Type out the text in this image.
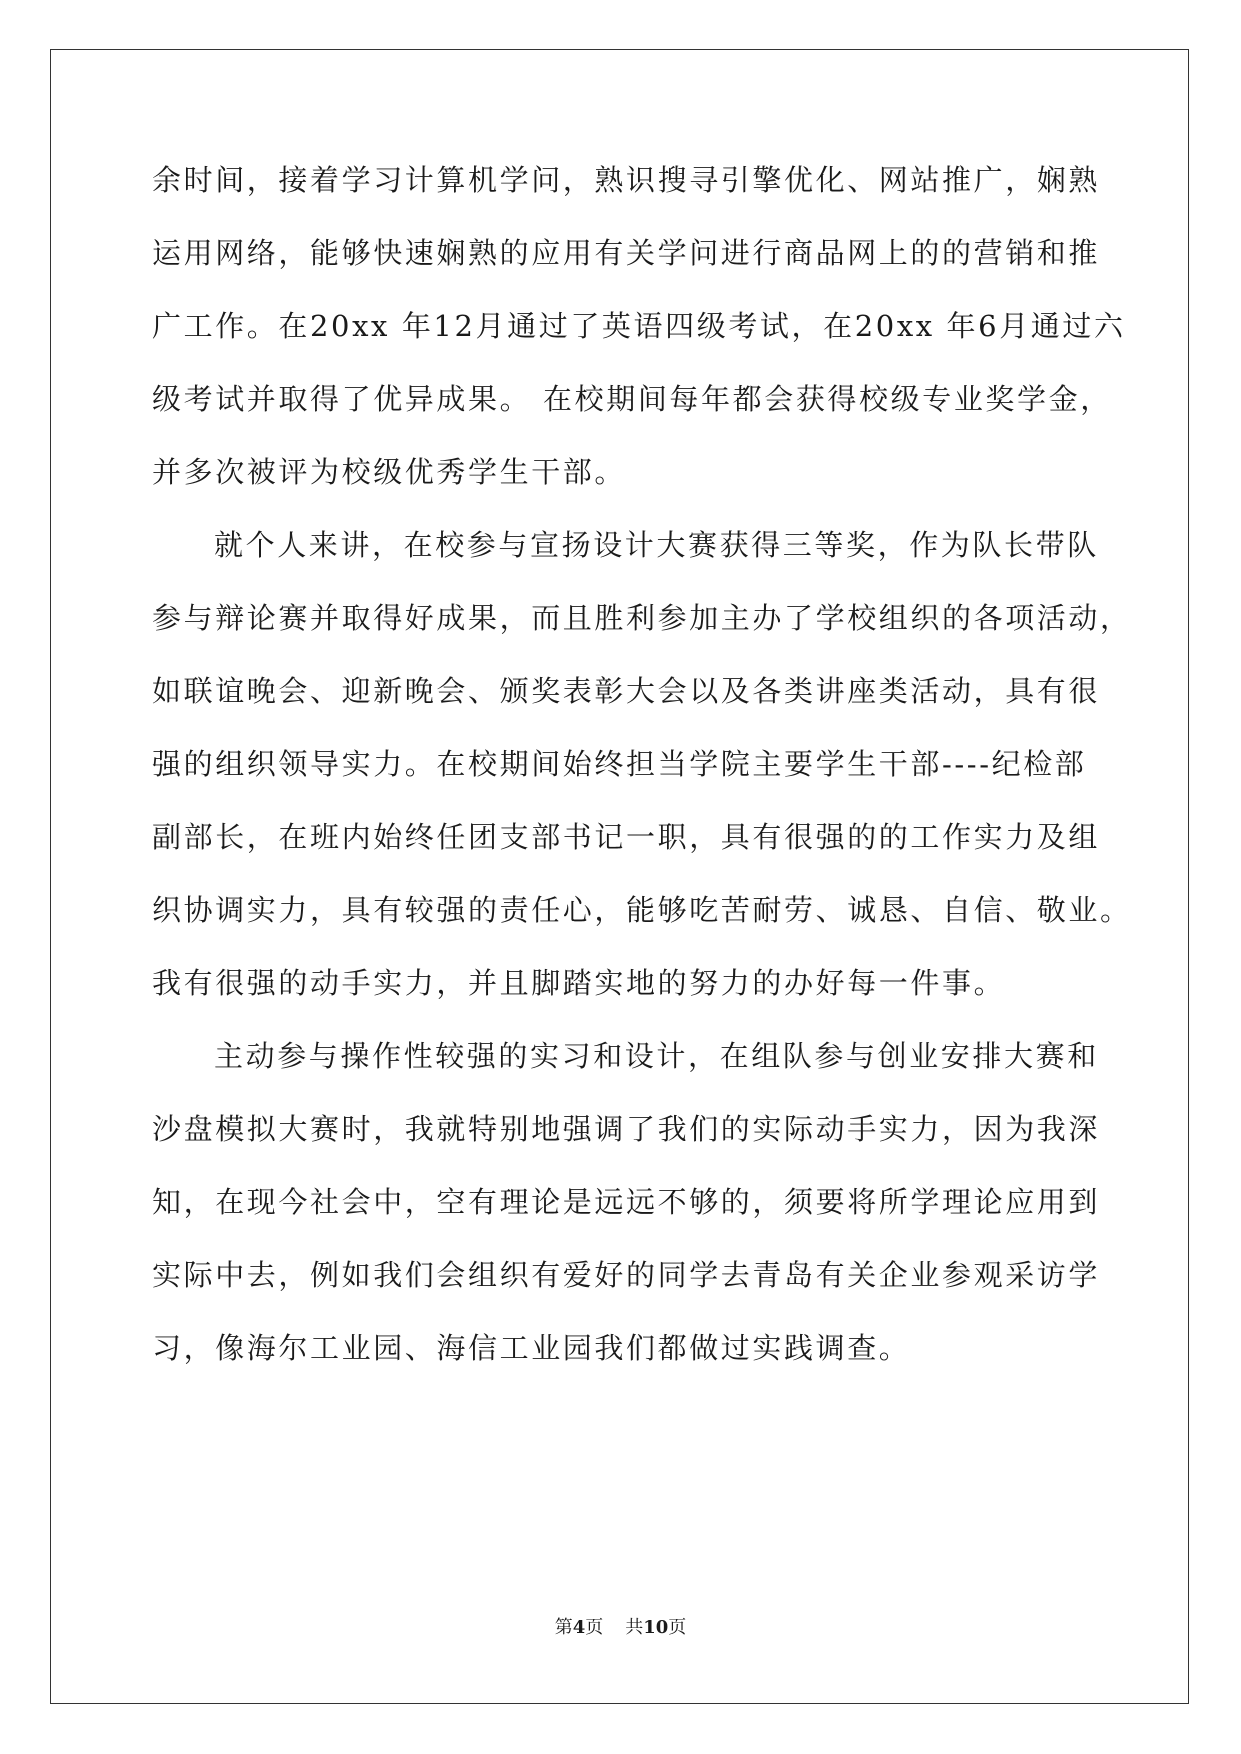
余时间，接着学习计算机学问，熟识搜寻引擎优化、网站推广，娴熟
运用网络，能够快速娴熟的应用有关学问进行商品网上的的营销和推
广工作。在20xx 年12月通过了英语四级考试，在20xx 年6月通过六
级考试并取得了优异成果。 在校期间每年都会获得校级专业奖学金，
并多次被评为校级优秀学生干部。
就个人来讲，在校参与宣扬设计大赛获得三等奖，作为队长带队
参与辩论赛并取得好成果，而且胜利参加主办了学校组织的各项活动，
如联谊晚会、迎新晚会、颁奖表彰大会以及各类讲座类活动，具有很
强的组织领导实力。在校期间始终担当学院主要学生干部----纪检部
副部长，在班内始终任团支部书记一职，具有很强的的工作实力及组
织协调实力，具有较强的责任心，能够吃苦耐劳、诚恳、自信、敬业。
我有很强的动手实力，并且脚踏实地的努力的办好每一件事。
主动参与操作性较强的实习和设计，在组队参与创业安排大赛和
沙盘模拟大赛时，我就特别地强调了我们的实际动手实力，因为我深
知，在现今社会中，空有理论是远远不够的，须要将所学理论应用到
实际中去，例如我们会组织有爱好的同学去青岛有关企业参观采访学
习，像海尔工业园、海信工业园我们都做过实践调查。
第4页 共10页
